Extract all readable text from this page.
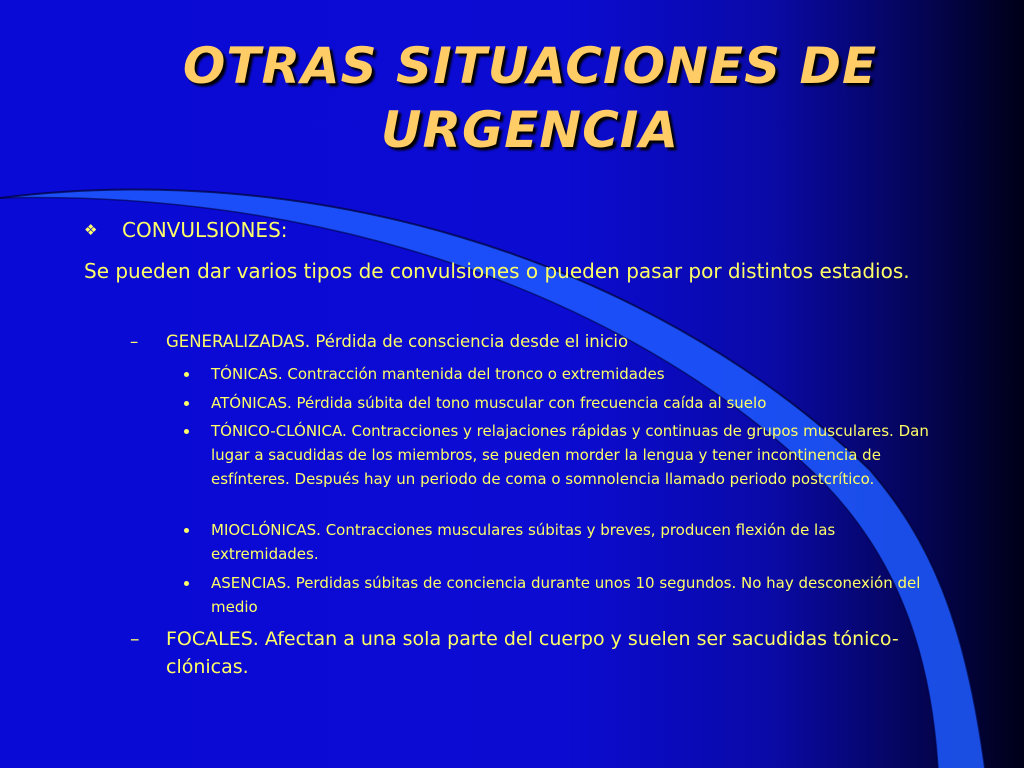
OTRAS SITUACIONES DE URGENCIA
❖ CONVULSIONES:
Se pueden dar varios tipos de convulsiones o pueden pasar por distintos estadios.
– GENERALIZADAS. Pérdida de consciencia desde el inicio
TÓNICAS. Contracción mantenida del tronco o extremidades
ATÓNICAS. Pérdida súbita del tono muscular con frecuencia caída al suelo
TÓNICO-CLÓNICA. Contracciones y relajaciones rápidas y continuas de grupos musculares. Dan lugar a sacudidas de los miembros, se pueden morder la lengua y tener incontinencia de esfínteres. Después hay un periodo de coma o somnolencia llamado periodo postcrítico.
MIOCLÓNICAS. Contracciones musculares súbitas y breves, producen flexión de las extremidades.
ASENCIAS. Perdidas súbitas de conciencia durante unos 10 segundos. No hay desconexión del medio
– FOCALES. Afectan a una sola parte del cuerpo y suelen ser sacudidas tónico-clónicas.
